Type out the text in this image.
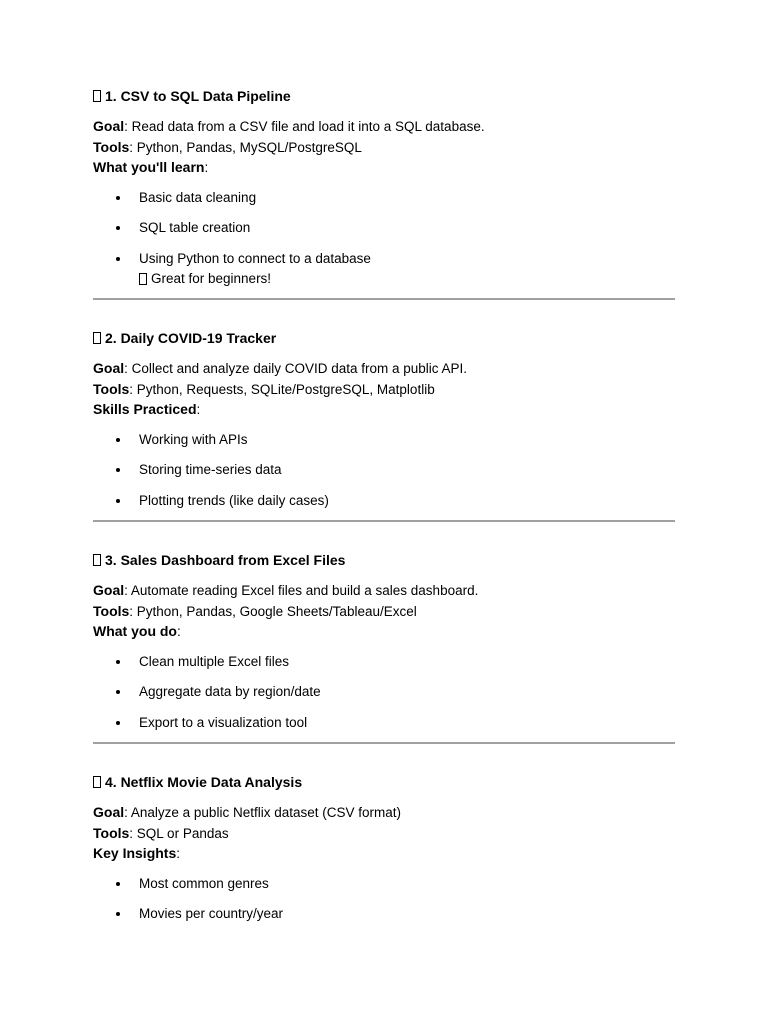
1. CSV to SQL Data Pipeline
Goal: Read data from a CSV file and load it into a SQL database.
Tools: Python, Pandas, MySQL/PostgreSQL
What you'll learn:
Basic data cleaning
SQL table creation
Using Python to connect to a database
Great for beginners!
2. Daily COVID-19 Tracker
Goal: Collect and analyze daily COVID data from a public API.
Tools: Python, Requests, SQLite/PostgreSQL, Matplotlib
Skills Practiced:
Working with APIs
Storing time-series data
Plotting trends (like daily cases)
3. Sales Dashboard from Excel Files
Goal: Automate reading Excel files and build a sales dashboard.
Tools: Python, Pandas, Google Sheets/Tableau/Excel
What you do:
Clean multiple Excel files
Aggregate data by region/date
Export to a visualization tool
4. Netflix Movie Data Analysis
Goal: Analyze a public Netflix dataset (CSV format)
Tools: SQL or Pandas
Key Insights:
Most common genres
Movies per country/year
